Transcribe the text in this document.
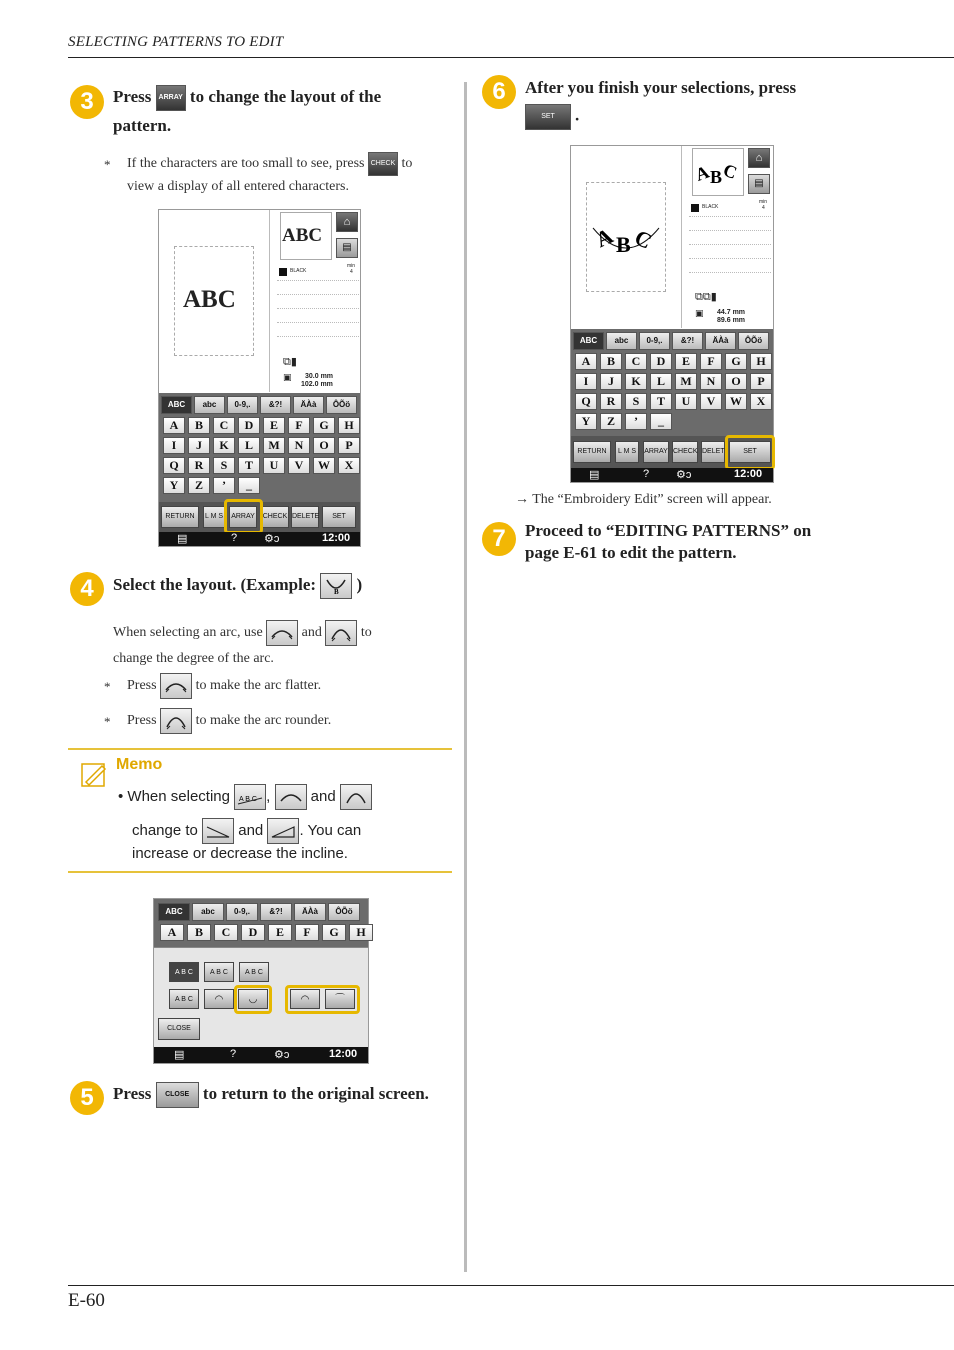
SELECTING PATTERNS TO EDIT
3	Press ARRAY to change the layout of the
pattern.
* If the characters are too small to see, press CHECK to
view a display of all entered characters.
ABC
ABC
⌂
▤
BLACK
min
4
⧉▮
▣ 30.0 mm
102.0 mm
RETURN	L M S	ARRAY	CHECK DELETE	SET
▤	? ⚙ↄ	12:00
ABC	abc	0-9,.	&?!	ÄÀà	ÔÕö
A	B	C	D	E	F	G	H
I	J	K	L	M	N	O	P
Q	R	S	T	U	V	W	X
Y	Z	’	_
4	Select the layout. (Example:	B )
When selecting an arc, use	and	to
change the degree of the arc.
* Press	to make the arc flatter.
* Press	to make the arc rounder.
Memo
• When selecting A B C ,	and
change to	and . You can
increase or decrease the incline.
A B C	A B C	A B C
A B C	◠	◡	◠	⌒
CLOSE
▤	?	⚙ↄ	12:00
ABC	abc	0-9,.	&?!	ÄÀà	ÔÕö
A	B	C	D	E	F	G	H
5	Press CLOSE to return to the original screen.
6	After you finish your selections, press
SET .
A B C
A
B
C
⌂
▤
BLACK
min
4
⧉⧉▮
▣ 44.7 mm
89.6 mm
RETURN	L M S	ARRAY CHECK DELET	SET
▤	? ⚙ↄ	12:00
ABC	abc	0-9,.	&?!	ÄÀà	ÔÕö
A	B	C	D	E	F	G	H
I	J	K	L	M	N	O	P
Q	R	S	T	U	V	W	X
Y	Z	’	_
→ The “Embroidery Edit” screen will appear.
7	Proceed to “EDITING PATTERNS” on
page E-61 to edit the pattern.
E-60
